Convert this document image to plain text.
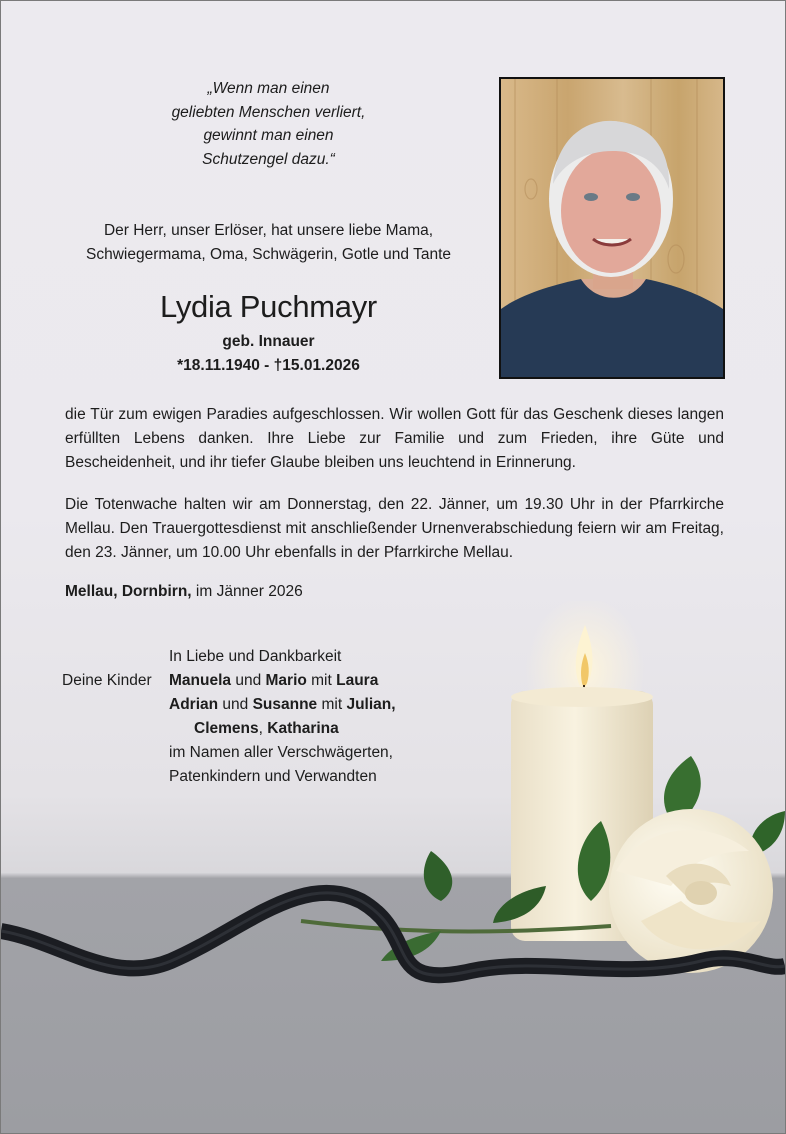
„Wenn man einen
geliebten Menschen verliert,
gewinnt man einen
Schutzengel dazu.“
Der Herr, unser Erlöser, hat unsere liebe Mama,
Schwiegermama, Oma, Schwägerin, Gotle und Tante
Lydia Puchmayr
geb. Innauer
*18.11.1940 - †15.01.2026
die Tür zum ewigen Paradies aufgeschlossen. Wir wollen Gott für das Geschenk dieses langen erfüllten Lebens danken. Ihre Liebe zur Familie und zum Frieden, ihre Güte und Bescheidenheit, und ihr tiefer Glaube bleiben uns leuchtend in Erinnerung.
Die Totenwache halten wir am Donnerstag, den 22. Jänner, um 19.30 Uhr in der Pfarrkirche Mellau. Den Trauergottesdienst mit anschließender Urnenverabschiedung feiern wir am Freitag, den 23. Jänner, um 10.00 Uhr ebenfalls in der Pfarrkirche Mellau.
Mellau, Dornbirn, im Jänner 2026
In Liebe und Dankbarkeit
Deine Kinder Manuela und Mario mit Laura
Adrian und Susanne mit Julian,
Clemens, Katharina
im Namen aller Verschwägerten,
Patenkindern und Verwandten
